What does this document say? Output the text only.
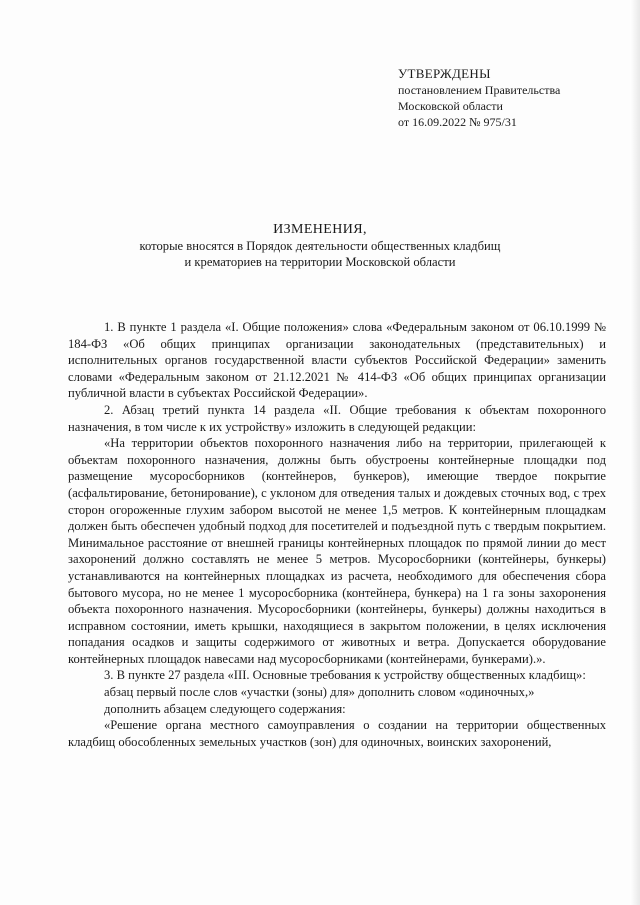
УТВЕРЖДЕНЫ
постановлением Правительства
Московской области
от 16.09.2022 № 975/31
ИЗМЕНЕНИЯ,
которые вносятся в Порядок деятельности общественных кладбищ
и крематориев на территории Московской области

1. В пункте 1 раздела «I. Общие положения» слова «Федеральным законом от 06.10.1999 № 184-ФЗ «Об общих принципах организации законодательных (представительных) и исполнительных органов государственной власти субъектов Российской Федерации» заменить словами «Федеральным законом от 21.12.2021 № 414-ФЗ «Об общих принципах организации публичной власти в субъектах Российской Федерации».

2. Абзац третий пункта 14 раздела «II. Общие требования к объектам похоронного назначения, в том числе к их устройству» изложить в следующей редакции:

«На территории объектов похоронного назначения либо на территории, прилегающей к объектам похоронного назначения, должны быть обустроены контейнерные площадки под размещение мусоросборников (контейнеров, бункеров), имеющие твердое покрытие (асфальтирование, бетонирование), с уклоном для отведения талых и дождевых сточных вод, с трех сторон огороженные глухим забором высотой не менее 1,5 метров. К контейнерным площадкам должен быть обеспечен удобный подход для посетителей и подъездной путь с твердым покрытием. Минимальное расстояние от внешней границы контейнерных площадок по прямой линии до мест захоронений должно составлять не менее 5 метров. Мусоросборники (контейнеры, бункеры) устанавливаются на контейнерных площадках из расчета, необходимого для обеспечения сбора бытового мусора, но не менее 1 мусоросборника (контейнера, бункера) на 1 га зоны захоронения объекта похоронного назначения. Мусоросборники (контейнеры, бункеры) должны находиться в исправном состоянии, иметь крышки, находящиеся в закрытом положении, в целях исключения попадания осадков и защиты содержимого от животных и ветра. Допускается оборудование контейнерных площадок навесами над мусоросборниками (контейнерами, бункерами).».

3. В пункте 27 раздела «III. Основные требования к устройству общественных кладбищ»:

абзац первый после слов «участки (зоны) для» дополнить словом «одиночных,»

дополнить абзацем следующего содержания:

«Решение органа местного самоуправления о создании на территории общественных кладбищ обособленных земельных участков (зон) для одиночных, воинских захоронений,
